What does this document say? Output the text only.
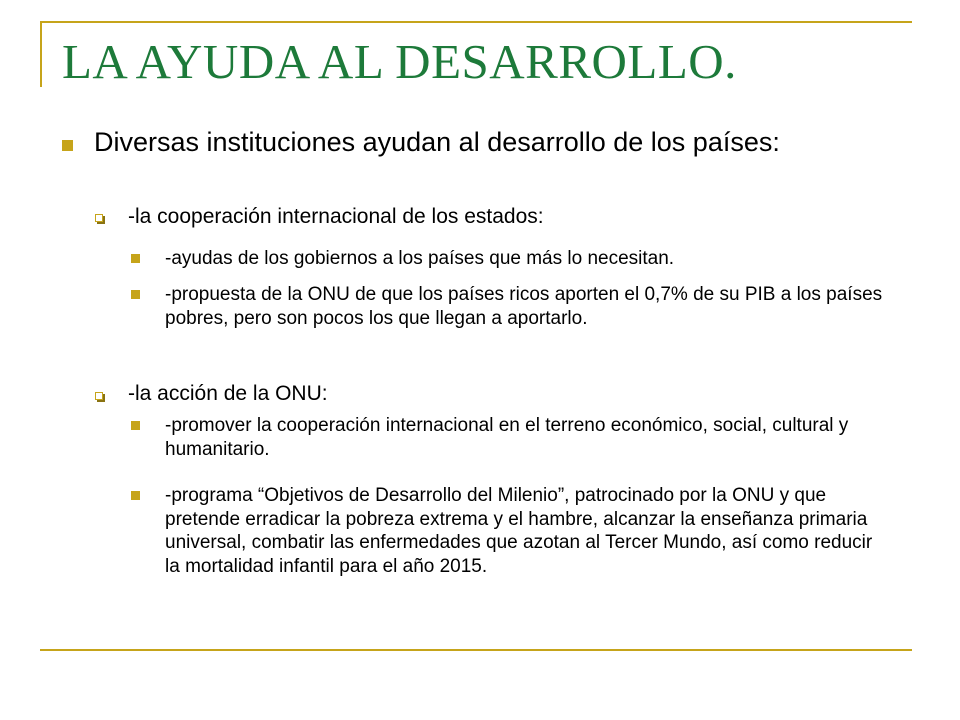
LA AYUDA AL DESARROLLO.
Diversas instituciones ayudan al desarrollo de los países:
-la cooperación internacional de los estados:
-ayudas de los gobiernos a los países que más lo necesitan.
-propuesta de la ONU de que los países ricos aporten el 0,7% de su PIB a los países pobres, pero son pocos los que llegan a aportarlo.
-la acción de la ONU:
-promover la cooperación internacional en el terreno económico, social, cultural y humanitario.
-programa “Objetivos de Desarrollo del Milenio”, patrocinado por la ONU y que pretende erradicar la pobreza extrema y el hambre, alcanzar la enseñanza primaria universal, combatir las enfermedades que azotan al Tercer Mundo, así como reducir la mortalidad infantil para el año 2015.
